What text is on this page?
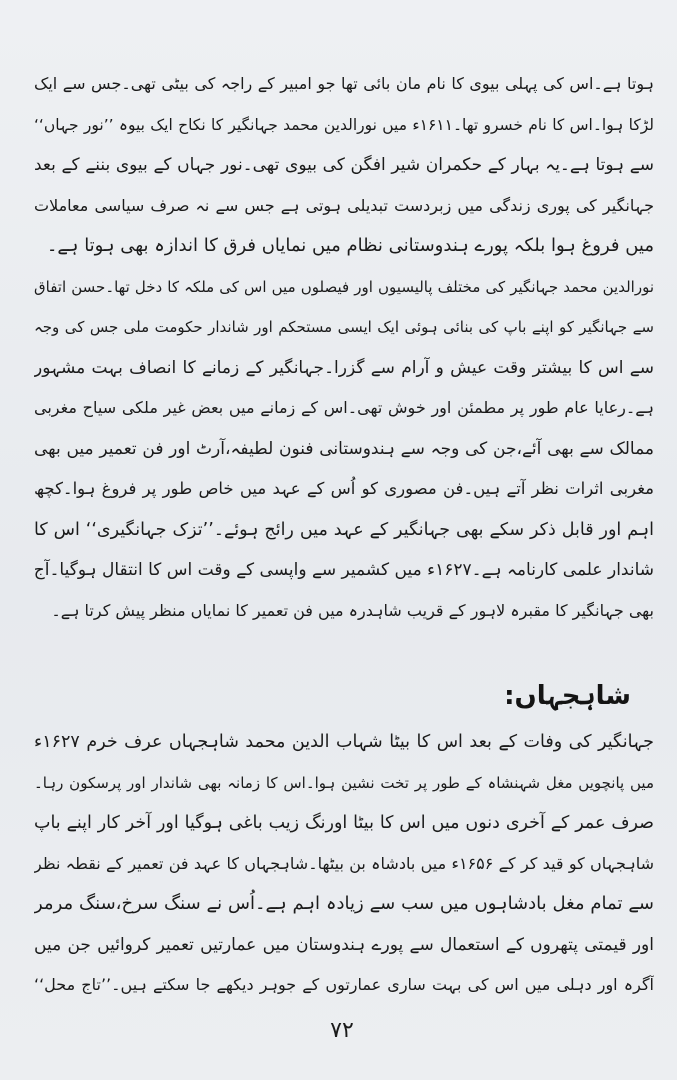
ہوتا ہے۔اس کی پہلی بیوی کا نام مان بائی تھا جو امبیر کے راجہ کی بیٹی تھی۔جس سے ایک
لڑکا ہوا۔اس کا نام خسرو تھا۔۱۶۱۱ء میں نورالدین محمد جہانگیر کا نکاح ایک بیوہ ’’نور جہاں‘‘
سے ہوتا ہے۔یہ بہار کے حکمران شیر افگن کی بیوی تھی۔نور جہاں کے بیوی بننے کے بعد
جہانگیر کی پوری زندگی میں زبردست تبدیلی ہوتی ہے جس سے نہ صرف سیاسی معاملات
میں فروغ ہوا بلکہ پورے ہندوستانی نظام میں نمایاں فرق کا اندازہ بھی ہوتا ہے۔
نورالدین محمد جہانگیر کی مختلف پالیسیوں اور فیصلوں میں اس کی ملکہ کا دخل تھا۔حسن اتفاق
سے جہانگیر کو اپنے باپ کی بنائی ہوئی ایک ایسی مستحکم اور شاندار حکومت ملی جس کی وجہ
سے اس کا بیشتر وقت عیش و آرام سے گزرا۔جہانگیر کے زمانے کا انصاف بہت مشہور
ہے۔رعایا عام طور پر مطمئن اور خوش تھی۔اس کے زمانے میں بعض غیر ملکی سیاح مغربی
ممالک سے بھی آئے،جن کی وجہ سے ہندوستانی فنون لطیفہ،آرٹ اور فن تعمیر میں بھی
مغربی اثرات نظر آتے ہیں۔فن مصوری کو اُس کے عہد میں خاص طور پر فروغ ہوا۔کچھ
اہم اور قابل ذکر سکے بھی جہانگیر کے عہد میں رائج ہوئے۔’’تزک جہانگیری‘‘ اس کا
شاندار علمی کارنامہ ہے۔۱۶۲۷ء میں کشمیر سے واپسی کے وقت اس کا انتقال ہوگیا۔آج
بھی جہانگیر کا مقبرہ لاہور کے قریب شاہدرہ میں فن تعمیر کا نمایاں منظر پیش کرتا ہے۔
شاہجہاں:
جہانگیر کی وفات کے بعد اس کا بیٹا شہاب الدین محمد شاہجہاں عرف خرم ۱۶۲۷ء
میں پانچویں مغل شہنشاہ کے طور پر تخت نشین ہوا۔اس کا زمانہ بھی شاندار اور پرسکون رہا۔
صرف عمر کے آخری دنوں میں اس کا بیٹا اورنگ زیب باغی ہوگیا اور آخر کار اپنے باپ
شاہجہاں کو قید کر کے ۱۶۵۶ء میں بادشاہ بن بیٹھا۔شاہجہاں کا عہد فن تعمیر کے نقطہ نظر
سے تمام مغل بادشاہوں میں سب سے زیادہ اہم ہے۔اُس نے سنگ سرخ،سنگ مرمر
اور قیمتی پتھروں کے استعمال سے پورے ہندوستان میں عمارتیں تعمیر کروائیں جن میں
آگرہ اور دہلی میں اس کی بہت ساری عمارتوں کے جوہر دیکھے جا سکتے ہیں۔’’تاج محل‘‘
۷۲
